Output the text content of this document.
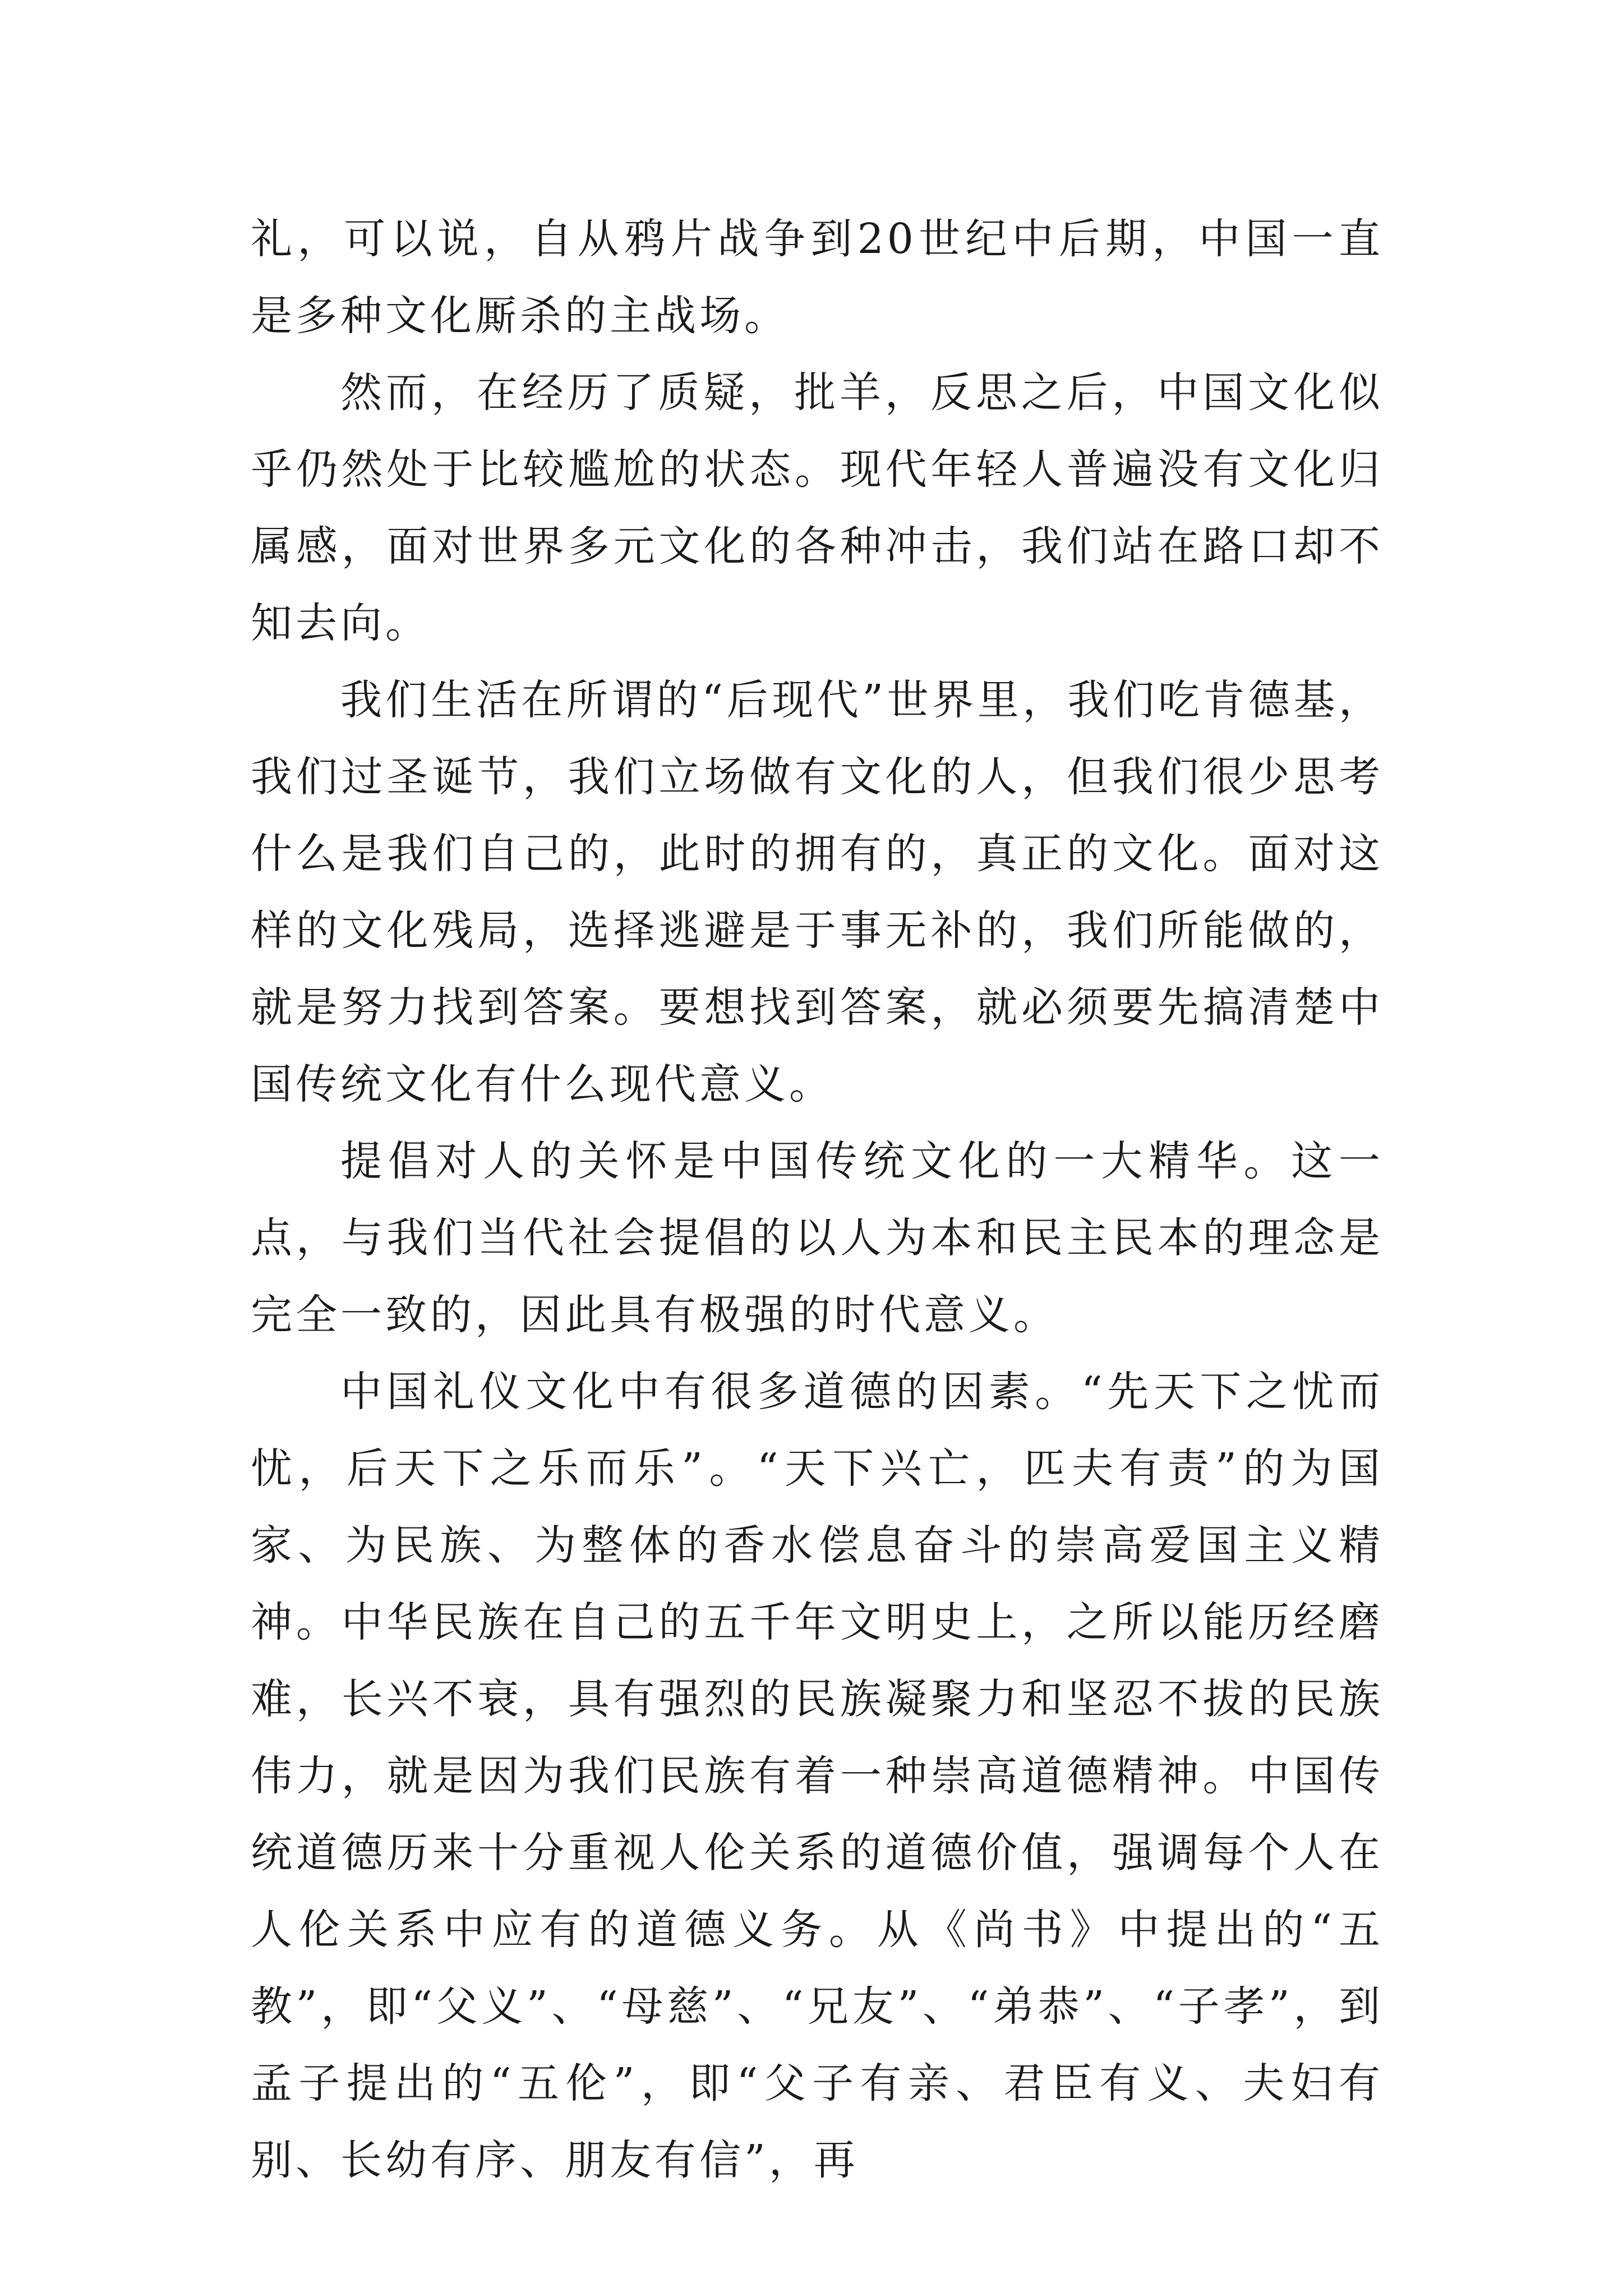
礼，可以说，自从鸦片战争到20世纪中后期，中国一直是多种文化厮杀的主战场。

然而，在经历了质疑，批羊，反思之后，中国文化似乎仍然处于比较尴尬的状态。现代年轻人普遍没有文化归属感，面对世界多元文化的各种冲击，我们站在路口却不知去向。

我们生活在所谓的“后现代”世界里，我们吃肯德基，我们过圣诞节，我们立场做有文化的人，但我们很少思考什么是我们自己的，此时的拥有的，真正的文化。面对这样的文化残局，选择逃避是于事无补的，我们所能做的，就是努力找到答案。要想找到答案，就必须要先搞清楚中国传统文化有什么现代意义。

提倡对人的关怀是中国传统文化的一大精华。这一点，与我们当代社会提倡的以人为本和民主民本的理念是完全一致的，因此具有极强的时代意义。

中国礼仪文化中有很多道德的因素。“先天下之忧而忧，后天下之乐而乐”。“天下兴亡，匹夫有责”的为国家、为民族、为整体的香水偿息奋斗的崇高爱国主义精神。中华民族在自己的五千年文明史上，之所以能历经磨难，长兴不衰，具有强烈的民族凝聚力和坚忍不拔的民族伟力，就是因为我们民族有着一种崇高道德精神。中国传统道德历来十分重视人伦关系的道德价值，强调每个人在人伦关系中应有的道德义务。从《尚书》中提出的“五教”，即“父义”、“母慈”、“兄友”、“弟恭”、“子孝”，到孟子提出的“五伦”，即“父子有亲、君臣有义、夫妇有别、长幼有序、朋友有信”，再
